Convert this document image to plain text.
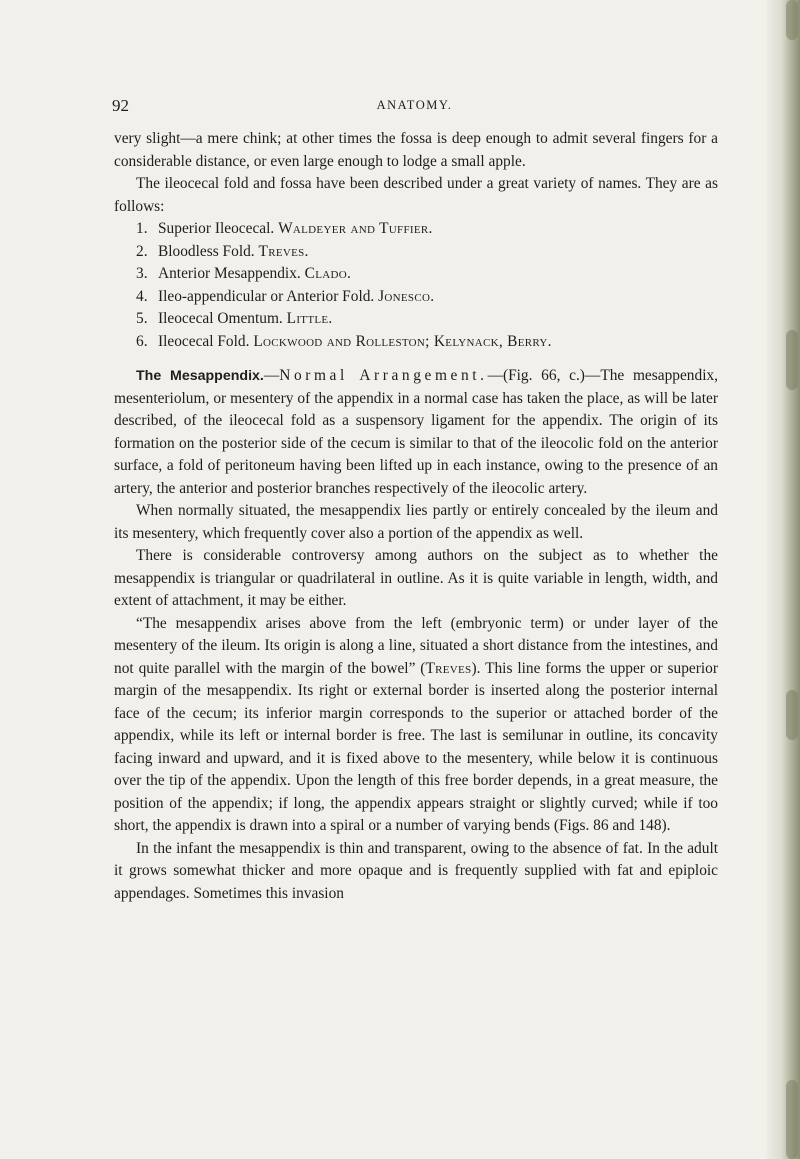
92	ANATOMY.

very slight—a mere chink; at other times the fossa is deep enough to admit several fingers for a considerable distance, or even large enough to lodge a small apple.

The ileocecal fold and fossa have been described under a great variety of names. They are as follows:

1. Superior Ileocecal. Waldeyer and Tuffier.
2. Bloodless Fold. Treves.
3. Anterior Mesappendix. Clado.
4. Ileo-appendicular or Anterior Fold. Jonesco.
5. Ileocecal Omentum. Little.
6. Ileocecal Fold. Lockwood and Rolleston; Kelynack, Berry.

The Mesappendix.—Normal Arrangement.—(Fig. 66, c.)—The mesappendix, mesenteriolum, or mesentery of the appendix in a normal case has taken the place, as will be later described, of the ileocecal fold as a suspensory ligament for the appendix. The origin of its formation on the posterior side of the cecum is similar to that of the ileocolic fold on the anterior surface, a fold of peritoneum having been lifted up in each instance, owing to the presence of an artery, the anterior and posterior branches respectively of the ileocolic artery.

When normally situated, the mesappendix lies partly or entirely concealed by the ileum and its mesentery, which frequently cover also a portion of the appendix as well.

There is considerable controversy among authors on the subject as to whether the mesappendix is triangular or quadrilateral in outline. As it is quite variable in length, width, and extent of attachment, it may be either.

“The mesappendix arises above from the left (embryonic term) or under layer of the mesentery of the ileum. Its origin is along a line, situated a short distance from the intestines, and not quite parallel with the margin of the bowel” (Treves). This line forms the upper or superior margin of the mesappendix. Its right or external border is inserted along the posterior internal face of the cecum; its inferior margin corresponds to the superior or attached border of the appendix, while its left or internal border is free. The last is semilunar in outline, its concavity facing inward and upward, and it is fixed above to the mesentery, while below it is continuous over the tip of the appendix. Upon the length of this free border depends, in a great measure, the position of the appendix; if long, the appendix appears straight or slightly curved; while if too short, the appendix is drawn into a spiral or a number of varying bends (Figs. 86 and 148).

In the infant the mesappendix is thin and transparent, owing to the absence of fat. In the adult it grows somewhat thicker and more opaque and is frequently supplied with fat and epiploic appendages. Sometimes this invasion
